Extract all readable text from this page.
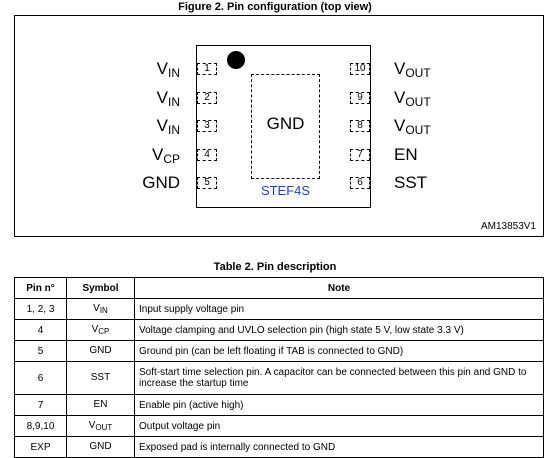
Figure 2. Pin configuration (top view)
GND
STEF4S
1
2
3
4
5
$V_{IN}$
$V_{IN}$
$V_{IN}$
$V_{CP}$
GND
10
9
8
7
6
$V_{OUT}$
$V_{OUT}$
$V_{OUT}$
EN
SST
AM13853V1
Table 2. Pin description
Pin n°	Symbol	Note
1, 2, 3	$V_{IN}$	Input supply voltage pin
4	$V_{CP}$	Voltage clamping and UVLO selection pin (high state 5 V, low state 3.3 V)
5	GND	Ground pin (can be left floating if TAB is connected to GND)
6	SST	Soft-start time selection pin. A capacitor can be connected between this pin and GND to increase the startup time
7	EN	Enable pin (active high)
8,9,10	$V_{OUT}$	Output voltage pin
EXP	GND	Exposed pad is internally connected to GND
